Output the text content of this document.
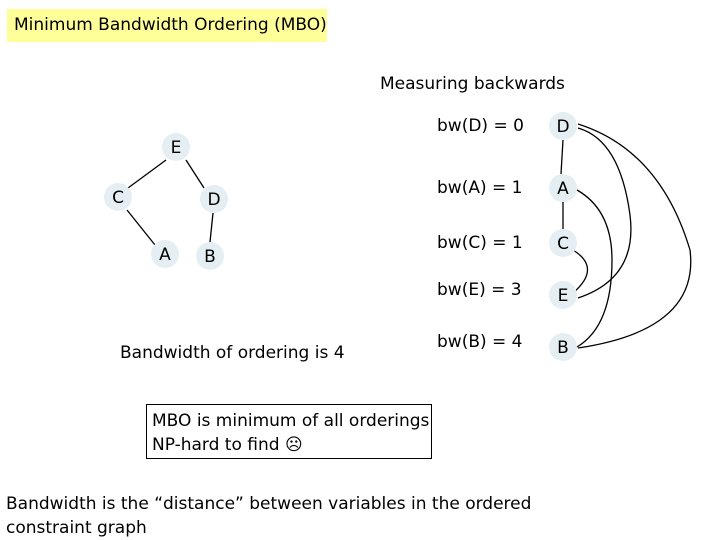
Minimum Bandwidth Ordering (MBO)
Measuring backwards
E
C	D
A B
D
A
C
E
B
bw(D) = 0
bw(A) = 1
bw(C) = 1
bw(E) = 3
bw(B) = 4
Bandwidth of ordering is 4
MBO is minimum of all orderings
NP-hard to find ☹
Bandwidth is the “distance” between variables in the ordered constraint graph
